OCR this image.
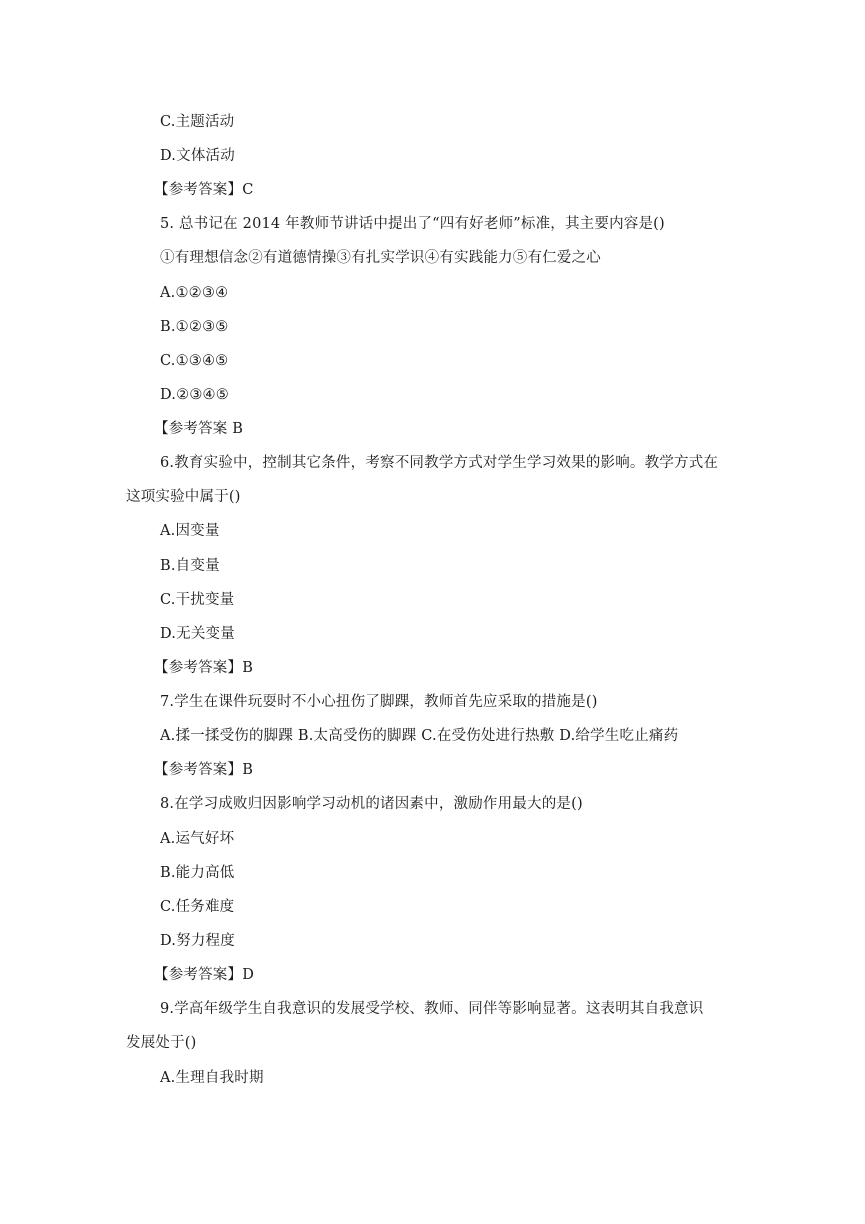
C.主题活动
D.文体活动
【参考答案】C
5. 总书记在 2014 年教师节讲话中提出了“四有好老师”标准，其主要内容是()
①有理想信念②有道德情操③有扎实学识④有实践能力⑤有仁爱之心
A.①②③④
B.①②③⑤
C.①③④⑤
D.②③④⑤
【参考答案 B
6.教育实验中，控制其它条件，考察不同教学方式对学生学习效果的影响。教学方式在
这项实验中属于()
A.因变量
B.自变量
C.干扰变量
D.无关变量
【参考答案】B
7.学生在课件玩耍时不小心扭伤了脚踝，教师首先应采取的措施是()
A.揉一揉受伤的脚踝 B.太高受伤的脚踝 C.在受伤处进行热敷 D.给学生吃止痛药
【参考答案】B
8.在学习成败归因影响学习动机的诸因素中，激励作用最大的是()
A.运气好坏
B.能力高低
C.任务难度
D.努力程度
【参考答案】D
9.学高年级学生自我意识的发展受学校、教师、同伴等影响显著。这表明其自我意识
发展处于()
A.生理自我时期
